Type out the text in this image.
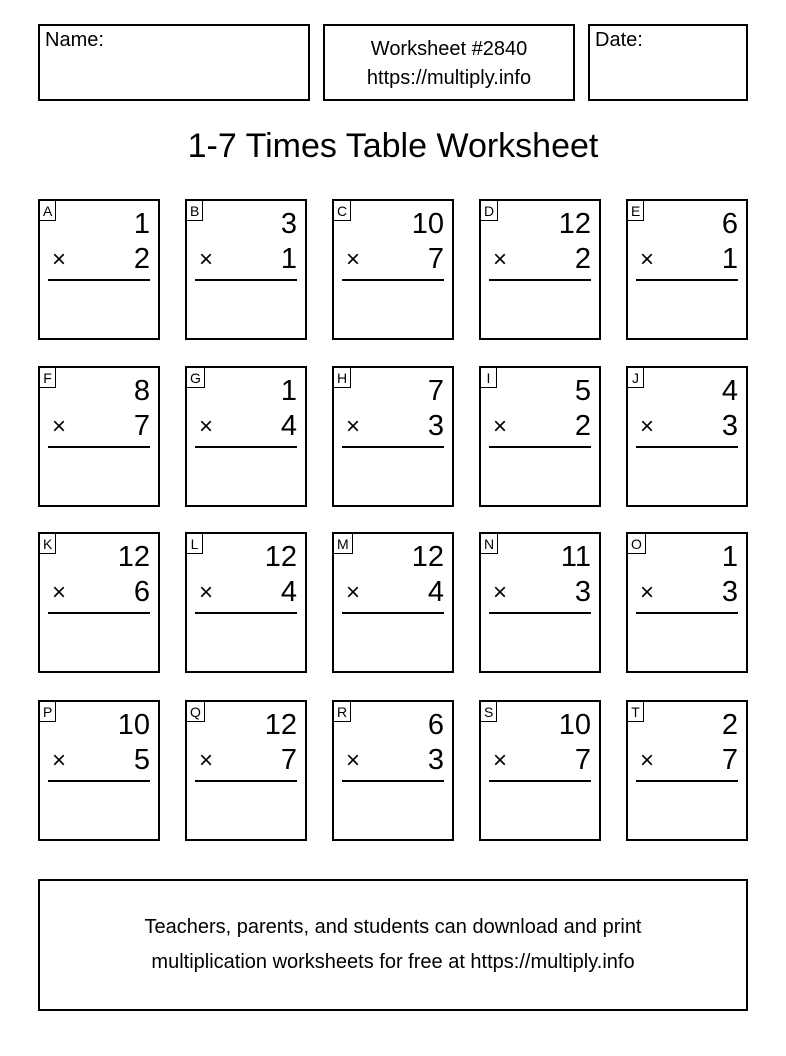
Name:	Worksheet #2840
https://multiply.info
Date:
1-7 Times Table Worksheet
A	1
× 2
B	3
× 1
C 10
× 7
D 12
× 2
E	6
× 1
F	8
× 7
G	1
× 4
H	7
× 3
I	5
× 2
J	4
× 3
K 12
× 6
L 12
× 4
M 12
× 4
N 11
× 3
O	1
× 3
P 10
× 5
Q 12
× 7
R	6
× 3
S 10
× 7
T	2
× 7
Teachers, parents, and students can download and print
multiplication worksheets for free at https://multiply.info
